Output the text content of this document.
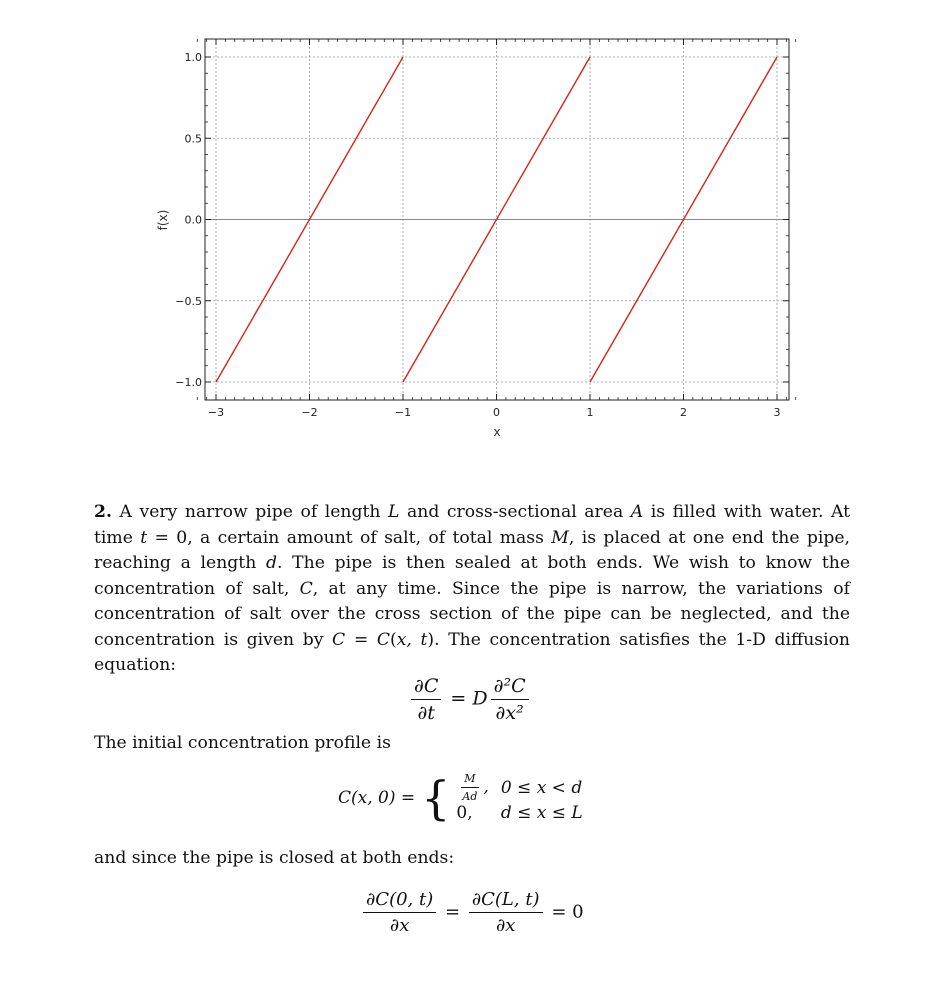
−3	−2	−1	0	1	2	3
−1.0
−0.5
0.0
0.5
1.0
x
f(x)

2. A very narrow pipe of length L and cross-sectional area A is filled with water. At time t = 0, a certain amount of salt, of total mass M, is placed at one end the pipe, reaching a length d. The pipe is then sealed at both ends. We wish to know the concentration of salt, C, at any time. Since the pipe is narrow, the variations of concentration of salt over the cross section of the pipe can be neglected, and the concentration is given by C = C(x, t). The concentration satisfies the 1-D diffusion equation:

$\frac{\partial C}{\partial t} = D \frac{\text{∂²C}}{\text{∂x²}}$
The initial concentration profile is
C(x, 0) = { $\frac{M}{Ad}$ ,	0 ≤ x < d
0,	d ≤ x ≤ L
and since the pipe is closed at both ends:
$\frac{\partial C(0, t)}{\partial x} = \frac{\partial C(L, t)}{\partial x} = 0$
